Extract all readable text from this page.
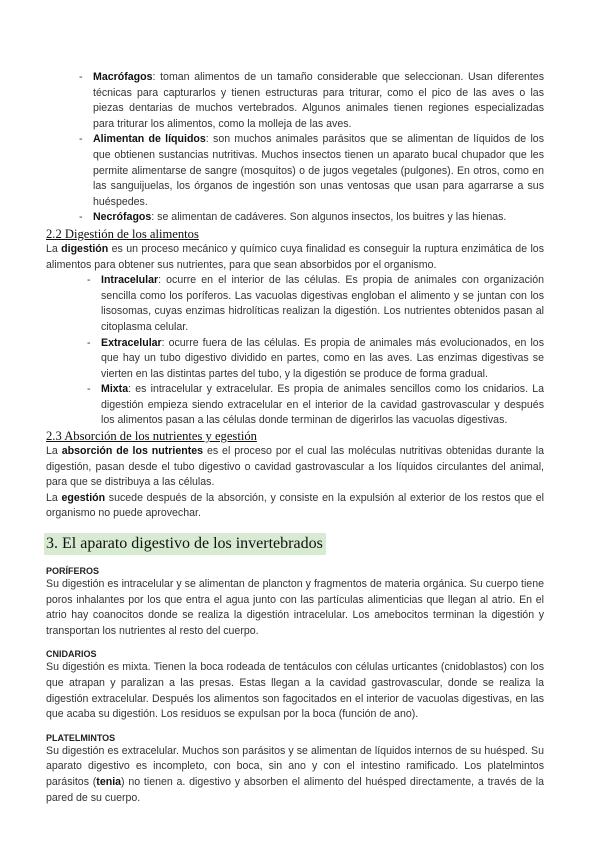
- Macrófagos: toman alimentos de un tamaño considerable que seleccionan. Usan diferentes técnicas para capturarlos y tienen estructuras para triturar, como el pico de las aves o las piezas dentarias de muchos vertebrados. Algunos animales tienen regiones especializadas para triturar los alimentos, como la molleja de las aves.
- Alimentan de líquidos: son muchos animales parásitos que se alimentan de líquidos de los que obtienen sustancias nutritivas. Muchos insectos tienen un aparato bucal chupador que les permite alimentarse de sangre (mosquitos) o de jugos vegetales (pulgones). En otros, como en las sanguijuelas, los órganos de ingestión son unas ventosas que usan para agarrarse a sus huéspedes.
- Necrófagos: se alimentan de cadáveres. Son algunos insectos, los buitres y las hienas.

2.2 Digestión de los alimentos

La digestión es un proceso mecánico y químico cuya finalidad es conseguir la ruptura enzimática de los alimentos para obtener sus nutrientes, para que sean absorbidos por el organismo.

- Intracelular: ocurre en el interior de las células. Es propia de animales con organización sencilla como los poríferos. Las vacuolas digestivas engloban el alimento y se juntan con los lisosomas, cuyas enzimas hidrolíticas realizan la digestión. Los nutrientes obtenidos pasan al citoplasma celular.
- Extracelular: ocurre fuera de las células. Es propia de animales más evolucionados, en los que hay un tubo digestivo dividido en partes, como en las aves. Las enzimas digestivas se vierten en las distintas partes del tubo, y la digestión se produce de forma gradual.
- Mixta: es intracelular y extracelular. Es propia de animales sencillos como los cnidarios. La digestión empieza siendo extracelular en el interior de la cavidad gastrovascular y después los alimentos pasan a las células donde terminan de digerirlos las vacuolas digestivas.

2.3 Absorción de los nutrientes y egestión

La absorción de los nutrientes es el proceso por el cual las moléculas nutritivas obtenidas durante la digestión, pasan desde el tubo digestivo o cavidad gastrovascular a los líquidos circulantes del animal, para que se distribuya a las células.

La egestión sucede después de la absorción, y consiste en la expulsión al exterior de los restos que el organismo no puede aprovechar.

3. El aparato digestivo de los invertebrados

PORÍFEROS

Su digestión es intracelular y se alimentan de plancton y fragmentos de materia orgánica. Su cuerpo tiene poros inhalantes por los que entra el agua junto con las partículas alimenticias que llegan al atrio. En el atrio hay coanocitos donde se realiza la digestión intracelular. Los amebocitos terminan la digestión y transportan los nutrientes al resto del cuerpo.

CNIDARIOS

Su digestión es mixta. Tienen la boca rodeada de tentáculos con células urticantes (cnidoblastos) con los que atrapan y paralizan a las presas. Estas llegan a la cavidad gastrovascular, donde se realiza la digestión extracelular. Después los alimentos son fagocitados en el interior de vacuolas digestivas, en las que acaba su digestión. Los residuos se expulsan por la boca (función de ano).

PLATELMINTOS

Su digestión es extracelular. Muchos son parásitos y se alimentan de líquidos internos de su huésped. Su aparato digestivo es incompleto, con boca, sin ano y con el intestino ramificado. Los platelmintos parásitos (tenia) no tienen a. digestivo y absorben el alimento del huésped directamente, a través de la pared de su cuerpo.
